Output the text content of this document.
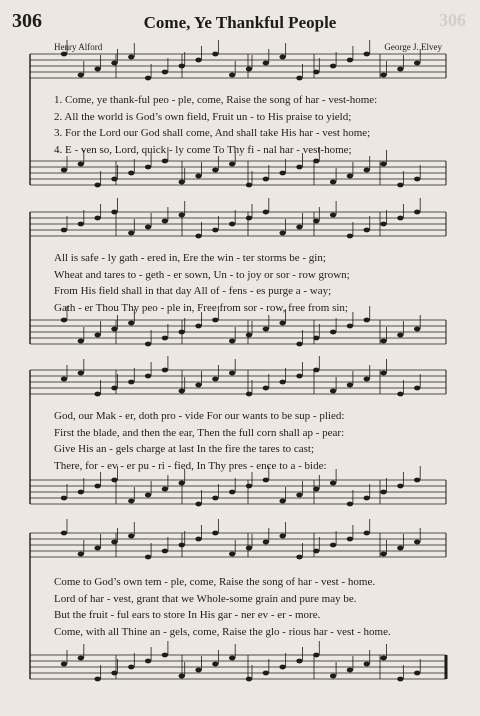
306	Come, Ye Thankful People	306
Henry Alford	George J. Elvey
1. Come, ye thank-ful peo - ple, come, Raise the song of har - vest-home:
2. All the world is God’s own field, Fruit un - to His praise to yield;
3. For the Lord our God shall come, And shall take His har - vest home;
4. E - ven so, Lord, quick - ly come To Thy fi - nal har - vest-home;
All is safe - ly gath - ered in, Ere the win - ter storms be - gin;
Wheat and tares to - geth - er sown, Un - to joy or sor - row grown;
From His field shall in that day All of - fens - es purge a - way;
Gath - er Thou Thy peo - ple in, Free from sor - row, free from sin;
God, our Mak - er, doth pro - vide For our wants to be sup - plied:
First the blade, and then the ear, Then the full corn shall ap - pear:
Give His an - gels charge at last In the fire the tares to cast;
There, for - ev - er pu - ri - fied, In Thy pres - ence to a - bide:
Come to God’s own tem - ple, come, Raise the song of har - vest - home.
Lord of har - vest, grant that we Whole-some grain and pure may be.
But the fruit - ful ears to store In His gar - ner ev - er - more.
Come, with all Thine an - gels, come, Raise the glo - rious har - vest - home.
